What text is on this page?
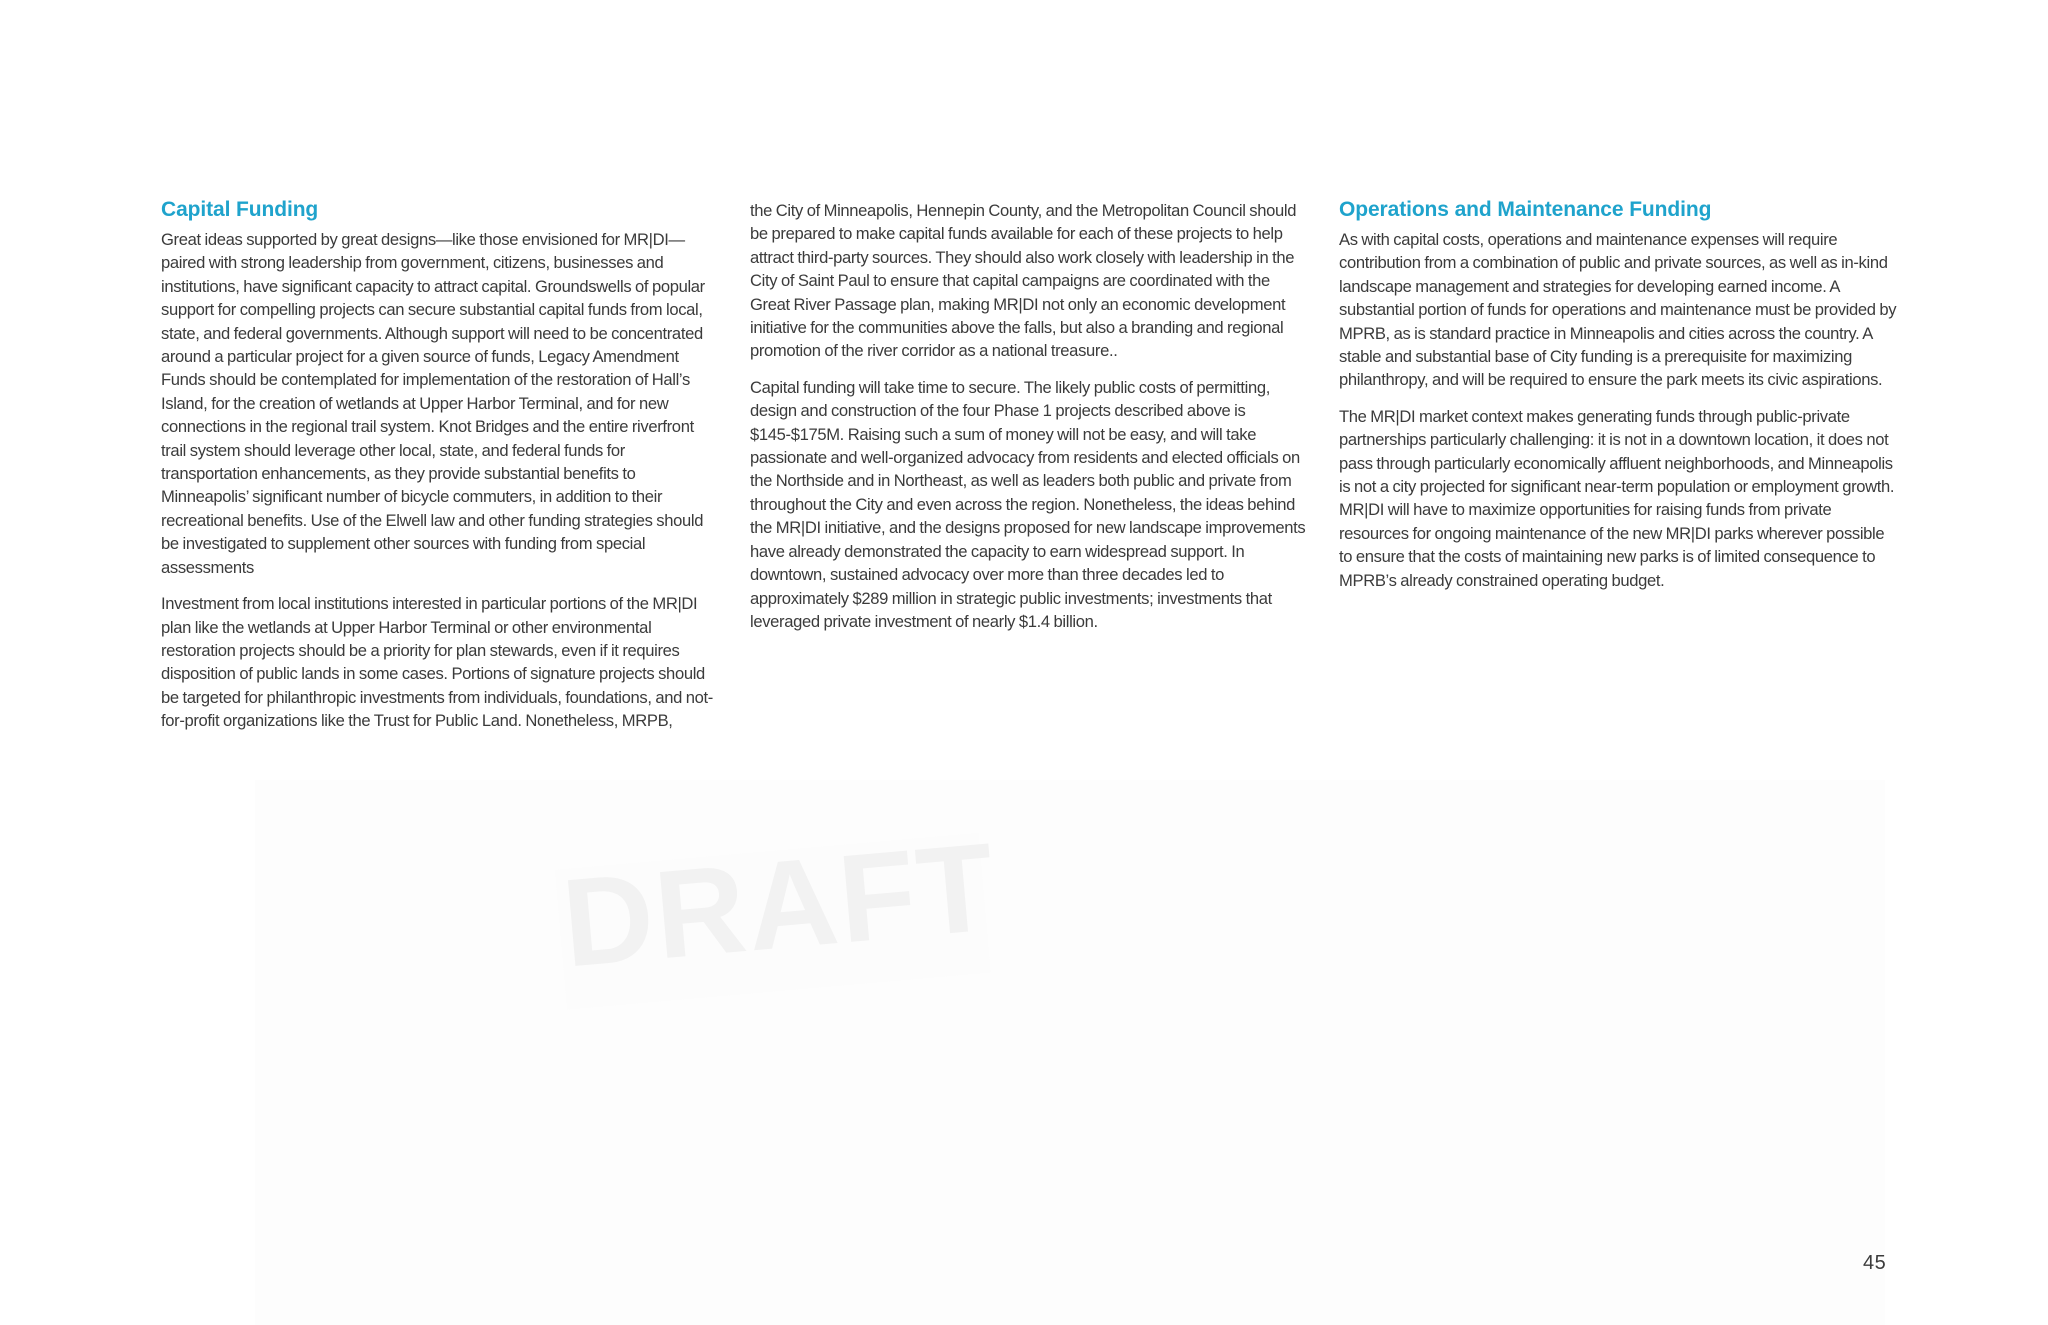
DRAFT
Capital Funding

Great ideas supported by great designs—like those envisioned for MR|DI—paired with strong leadership from government, citizens, businesses and institutions, have significant capacity to attract capital. Groundswells of popular support for compelling projects can secure substantial capital funds from local, state, and federal governments. Although support will need to be concentrated around a particular project for a given source of funds, Legacy Amendment Funds should be contemplated for implementation of the restoration of Hall’s Island, for the creation of wetlands at Upper Harbor Terminal, and for new connections in the regional trail system. Knot Bridges and the entire riverfront trail system should leverage other local, state, and federal funds for transportation enhancements, as they provide substantial benefits to Minneapolis’ significant number of bicycle commuters, in addition to their recreational benefits. Use of the Elwell law and other funding strategies should be investigated to supplement other sources with funding from special assessments

Investment from local institutions interested in particular portions of the MR|DI plan like the wetlands at Upper Harbor Terminal or other environmental restoration projects should be a priority for plan stewards, even if it requires disposition of public lands in some cases. Portions of signature projects should be targeted for philanthropic investments from individuals, foundations, and not-for-profit organizations like the Trust for Public Land. Nonetheless, MRPB,

the City of Minneapolis, Hennepin County, and the Metropolitan Council should be prepared to make capital funds available for each of these projects to help attract third-party sources. They should also work closely with leadership in the City of Saint Paul to ensure that capital campaigns are coordinated with the Great River Passage plan, making MR|DI not only an economic development initiative for the communities above the falls, but also a branding and regional promotion of the river corridor as a national treasure..

Capital funding will take time to secure. The likely public costs of permitting, design and construction of the four Phase 1 projects described above is $145-$175M. Raising such a sum of money will not be easy, and will take passionate and well-organized advocacy from residents and elected officials on the Northside and in Northeast, as well as leaders both public and private from throughout the City and even across the region. Nonetheless, the ideas behind the MR|DI initiative, and the designs proposed for new landscape improvements have already demonstrated the capacity to earn widespread support. In downtown, sustained advocacy over more than three decades led to approximately $289 million in strategic public investments; investments that leveraged private investment of nearly $1.4 billion.

Operations and Maintenance Funding

As with capital costs, operations and maintenance expenses will require contribution from a combination of public and private sources, as well as in-kind landscape management and strategies for developing earned income. A substantial portion of funds for operations and maintenance must be provided by MPRB, as is standard practice in Minneapolis and cities across the country. A stable and substantial base of City funding is a prerequisite for maximizing philanthropy, and will be required to ensure the park meets its civic aspirations.

The MR|DI market context makes generating funds through public-private partnerships particularly challenging: it is not in a downtown location, it does not pass through particularly economically affluent neighborhoods, and Minneapolis is not a city projected for significant near-term population or employment growth. MR|DI will have to maximize opportunities for raising funds from private resources for ongoing maintenance of the new MR|DI parks wherever possible to ensure that the costs of maintaining new parks is of limited consequence to MPRB’s already constrained operating budget.

45
